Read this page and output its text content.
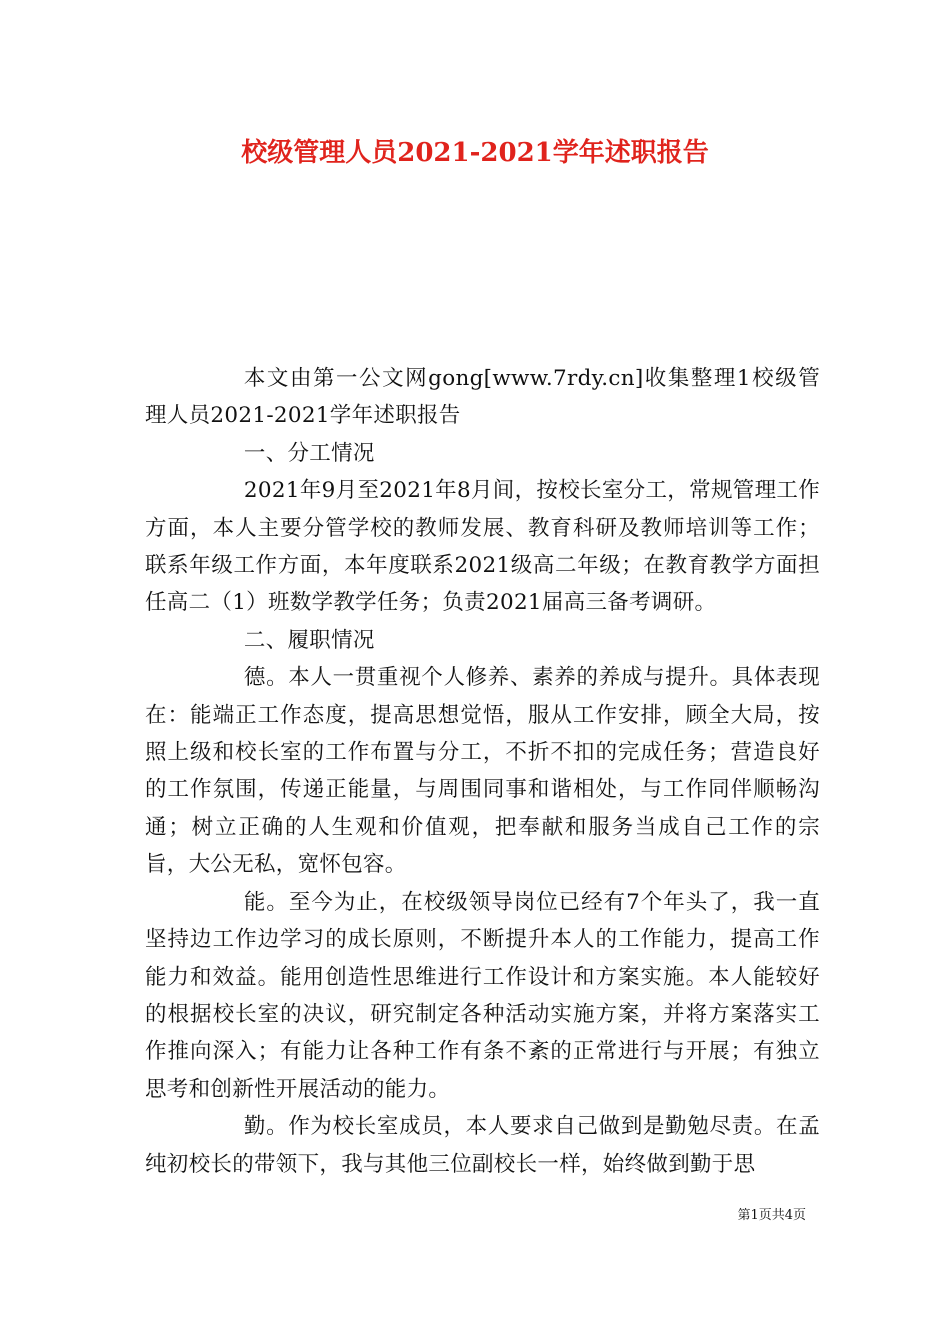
校级管理人员2021-2021学年述职报告

本文由第一公文网gong[www.7rdy.cn]收集整理1校级管理人员2021-2021学年述职报告

一、分工情况

2021年9月至2021年8月间，按校长室分工，常规管理工作方面，本人主要分管学校的教师发展、教育科研及教师培训等工作；联系年级工作方面，本年度联系2021级高二年级；在教育教学方面担任高二（1）班数学教学任务；负责2021届高三备考调研。

二、履职情况

德。本人一贯重视个人修养、素养的养成与提升。具体表现在：能端正工作态度，提高思想觉悟，服从工作安排，顾全大局，按照上级和校长室的工作布置与分工，不折不扣的完成任务；营造良好的工作氛围，传递正能量，与周围同事和谐相处，与工作同伴顺畅沟通；树立正确的人生观和价值观，把奉献和服务当成自己工作的宗旨，大公无私，宽怀包容。

能。至今为止，在校级领导岗位已经有7个年头了，我一直坚持边工作边学习的成长原则，不断提升本人的工作能力，提高工作能力和效益。能用创造性思维进行工作设计和方案实施。本人能较好的根据校长室的决议，研究制定各种活动实施方案，并将方案落实工作推向深入；有能力让各种工作有条不紊的正常进行与开展；有独立思考和创新性开展活动的能力。

勤。作为校长室成员，本人要求自己做到是勤勉尽责。在孟纯初校长的带领下，我与其他三位副校长一样，始终做到勤于思

第1页共4页
